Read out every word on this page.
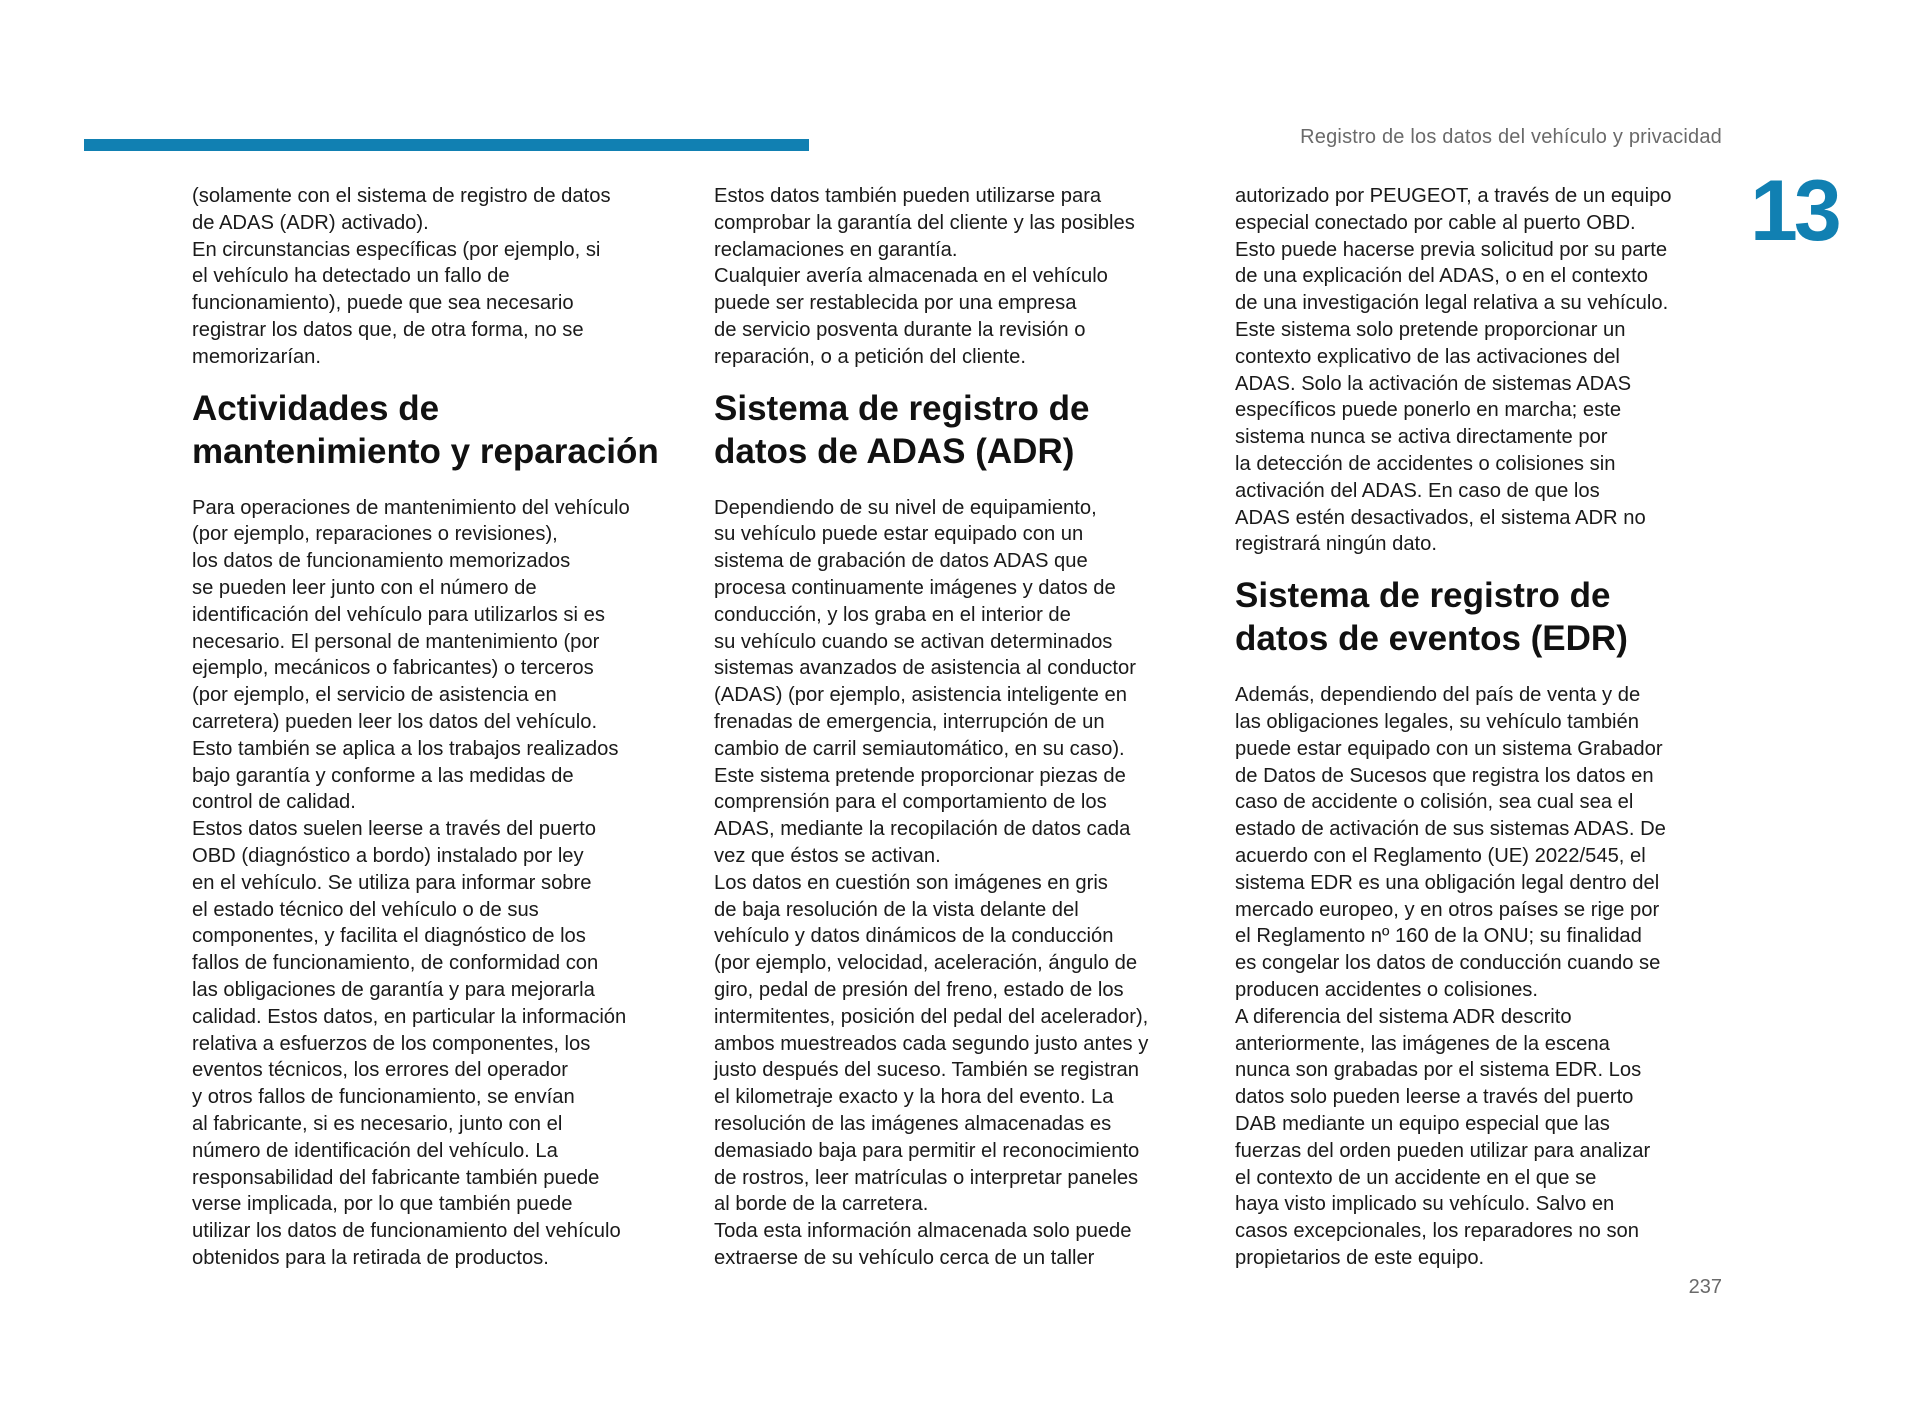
Registro de los datos del vehículo y privacidad
13

(solamente con el sistema de registro de datos
de ADAS (ADR) activado).
En circunstancias específicas (por ejemplo, si
el vehículo ha detectado un fallo de
funcionamiento), puede que sea necesario
registrar los datos que, de otra forma, no se
memorizarían.

Actividades de
mantenimiento y reparación

Para operaciones de mantenimiento del vehículo
(por ejemplo, reparaciones o revisiones),
los datos de funcionamiento memorizados
se pueden leer junto con el número de
identificación del vehículo para utilizarlos si es
necesario. El personal de mantenimiento (por
ejemplo, mecánicos o fabricantes) o terceros
(por ejemplo, el servicio de asistencia en
carretera) pueden leer los datos del vehículo.
Esto también se aplica a los trabajos realizados
bajo garantía y conforme a las medidas de
control de calidad.
Estos datos suelen leerse a través del puerto
OBD (diagnóstico a bordo) instalado por ley
en el vehículo. Se utiliza para informar sobre
el estado técnico del vehículo o de sus
componentes, y facilita el diagnóstico de los
fallos de funcionamiento, de conformidad con
las obligaciones de garantía y para mejorarla
calidad. Estos datos, en particular la información
relativa a esfuerzos de los componentes, los
eventos técnicos, los errores del operador
y otros fallos de funcionamiento, se envían
al fabricante, si es necesario, junto con el
número de identificación del vehículo. La
responsabilidad del fabricante también puede
verse implicada, por lo que también puede
utilizar los datos de funcionamiento del vehículo
obtenidos para la retirada de productos.

Estos datos también pueden utilizarse para
comprobar la garantía del cliente y las posibles
reclamaciones en garantía.
Cualquier avería almacenada en el vehículo
puede ser restablecida por una empresa
de servicio posventa durante la revisión o
reparación, o a petición del cliente.

Sistema de registro de
datos de ADAS (ADR)

Dependiendo de su nivel de equipamiento,
su vehículo puede estar equipado con un
sistema de grabación de datos ADAS que
procesa continuamente imágenes y datos de
conducción, y los graba en el interior de
su vehículo cuando se activan determinados
sistemas avanzados de asistencia al conductor
(ADAS) (por ejemplo, asistencia inteligente en
frenadas de emergencia, interrupción de un
cambio de carril semiautomático, en su caso).
Este sistema pretende proporcionar piezas de
comprensión para el comportamiento de los
ADAS, mediante la recopilación de datos cada
vez que éstos se activan.
Los datos en cuestión son imágenes en gris
de baja resolución de la vista delante del
vehículo y datos dinámicos de la conducción
(por ejemplo, velocidad, aceleración, ángulo de
giro, pedal de presión del freno, estado de los
intermitentes, posición del pedal del acelerador),
ambos muestreados cada segundo justo antes y
justo después del suceso. También se registran
el kilometraje exacto y la hora del evento. La
resolución de las imágenes almacenadas es
demasiado baja para permitir el reconocimiento
de rostros, leer matrículas o interpretar paneles
al borde de la carretera.
Toda esta información almacenada solo puede
extraerse de su vehículo cerca de un taller

autorizado por PEUGEOT, a través de un equipo
especial conectado por cable al puerto OBD.
Esto puede hacerse previa solicitud por su parte
de una explicación del ADAS, o en el contexto
de una investigación legal relativa a su vehículo.
Este sistema solo pretende proporcionar un
contexto explicativo de las activaciones del
ADAS. Solo la activación de sistemas ADAS
específicos puede ponerlo en marcha; este
sistema nunca se activa directamente por
la detección de accidentes o colisiones sin
activación del ADAS. En caso de que los
ADAS estén desactivados, el sistema ADR no
registrará ningún dato.

Sistema de registro de
datos de eventos (EDR)

Además, dependiendo del país de venta y de
las obligaciones legales, su vehículo también
puede estar equipado con un sistema Grabador
de Datos de Sucesos que registra los datos en
caso de accidente o colisión, sea cual sea el
estado de activación de sus sistemas ADAS. De
acuerdo con el Reglamento (UE) 2022/545, el
sistema EDR es una obligación legal dentro del
mercado europeo, y en otros países se rige por
el Reglamento nº 160 de la ONU; su finalidad
es congelar los datos de conducción cuando se
producen accidentes o colisiones.
A diferencia del sistema ADR descrito
anteriormente, las imágenes de la escena
nunca son grabadas por el sistema EDR. Los
datos solo pueden leerse a través del puerto
DAB mediante un equipo especial que las
fuerzas del orden pueden utilizar para analizar
el contexto de un accidente en el que se
haya visto implicado su vehículo. Salvo en
casos excepcionales, los reparadores no son
propietarios de este equipo.

237
